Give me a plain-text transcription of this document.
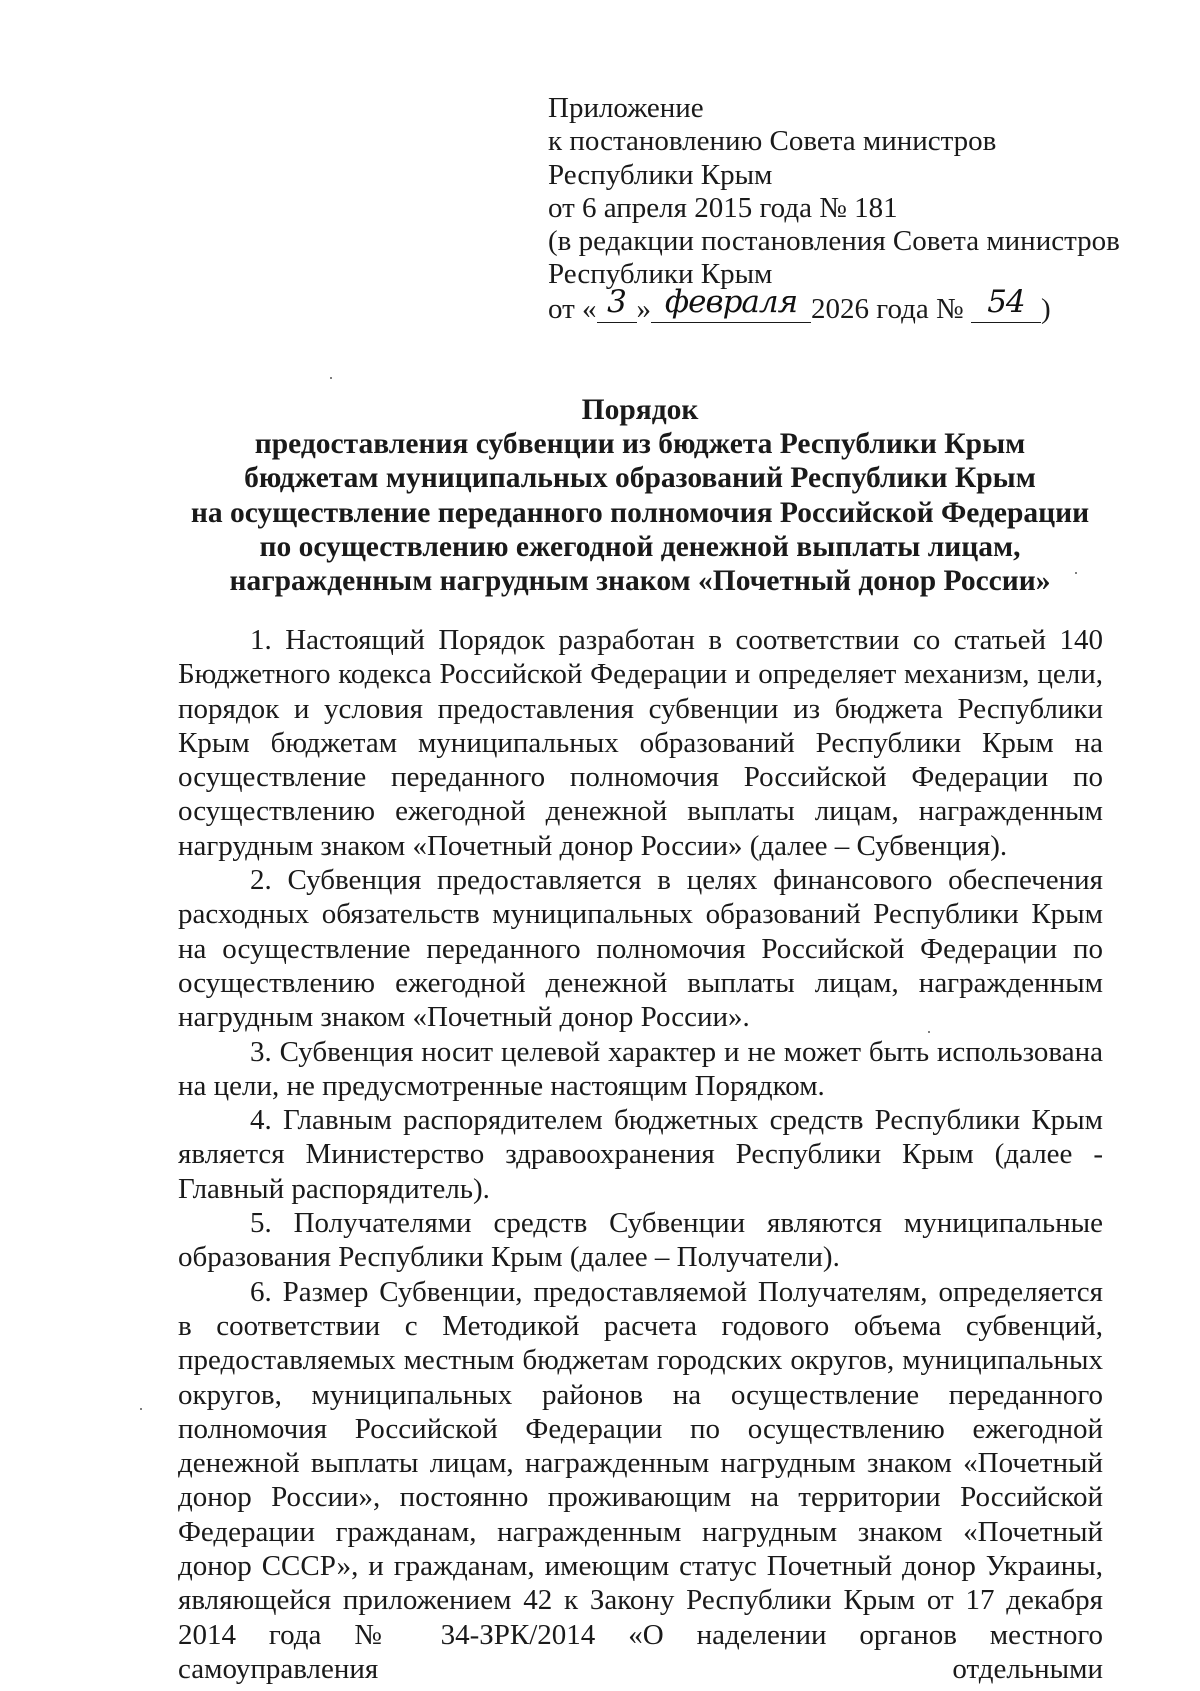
Приложение
к постановлению Совета министров
Республики Крым
от 6 апреля 2015 года № 181
(в редакции постановления Совета министров
Республики Крым
от « 3 » февраля 2026 года № 54 )
Порядок
предоставления субвенции из бюджета Республики Крым
бюджетам муниципальных образований Республики Крым
на осуществление переданного полномочия Российской Федерации
по осуществлению ежегодной денежной выплаты лицам,
награжденным нагрудным знаком «Почетный донор России»

1. Настоящий Порядок разработан в соответствии со статьей 140 Бюджетного кодекса Российской Федерации и определяет механизм, цели, порядок и условия предоставления субвенции из бюджета Республики Крым бюджетам муниципальных образований Республики Крым на осуществление переданного полномочия Российской Федерации по осуществлению ежегодной денежной выплаты лицам, награжденным нагрудным знаком «Почетный донор России» (далее – Субвенция).

2. Субвенция предоставляется в целях финансового обеспечения расходных обязательств муниципальных образований Республики Крым на осуществление переданного полномочия Российской Федерации по осуществлению ежегодной денежной выплаты лицам, награжденным нагрудным знаком «Почетный донор России».

3. Субвенция носит целевой характер и не может быть использована на цели, не предусмотренные настоящим Порядком.

4. Главным распорядителем бюджетных средств Республики Крым является Министерство здравоохранения Республики Крым (далее - Главный распорядитель).

5. Получателями средств Субвенции являются муниципальные образования Республики Крым (далее – Получатели).

6. Размер Субвенции, предоставляемой Получателям, определяется в соответствии с Методикой расчета годового объема субвенций, предоставляемых местным бюджетам городских округов, муниципальных округов, муниципальных районов на осуществление переданного полномочия Российской Федерации по осуществлению ежегодной денежной выплаты лицам, награжденным нагрудным знаком «Почетный донор России», постоянно проживающим на территории Российской Федерации гражданам, награжденным нагрудным знаком «Почетный донор СССР», и гражданам, имеющим статус Почетный донор Украины, являющейся приложением 42 к Закону Республики Крым от 17 декабря 2014 года № 34-ЗРК/2014 «О наделении органов местного самоуправления отдельными
